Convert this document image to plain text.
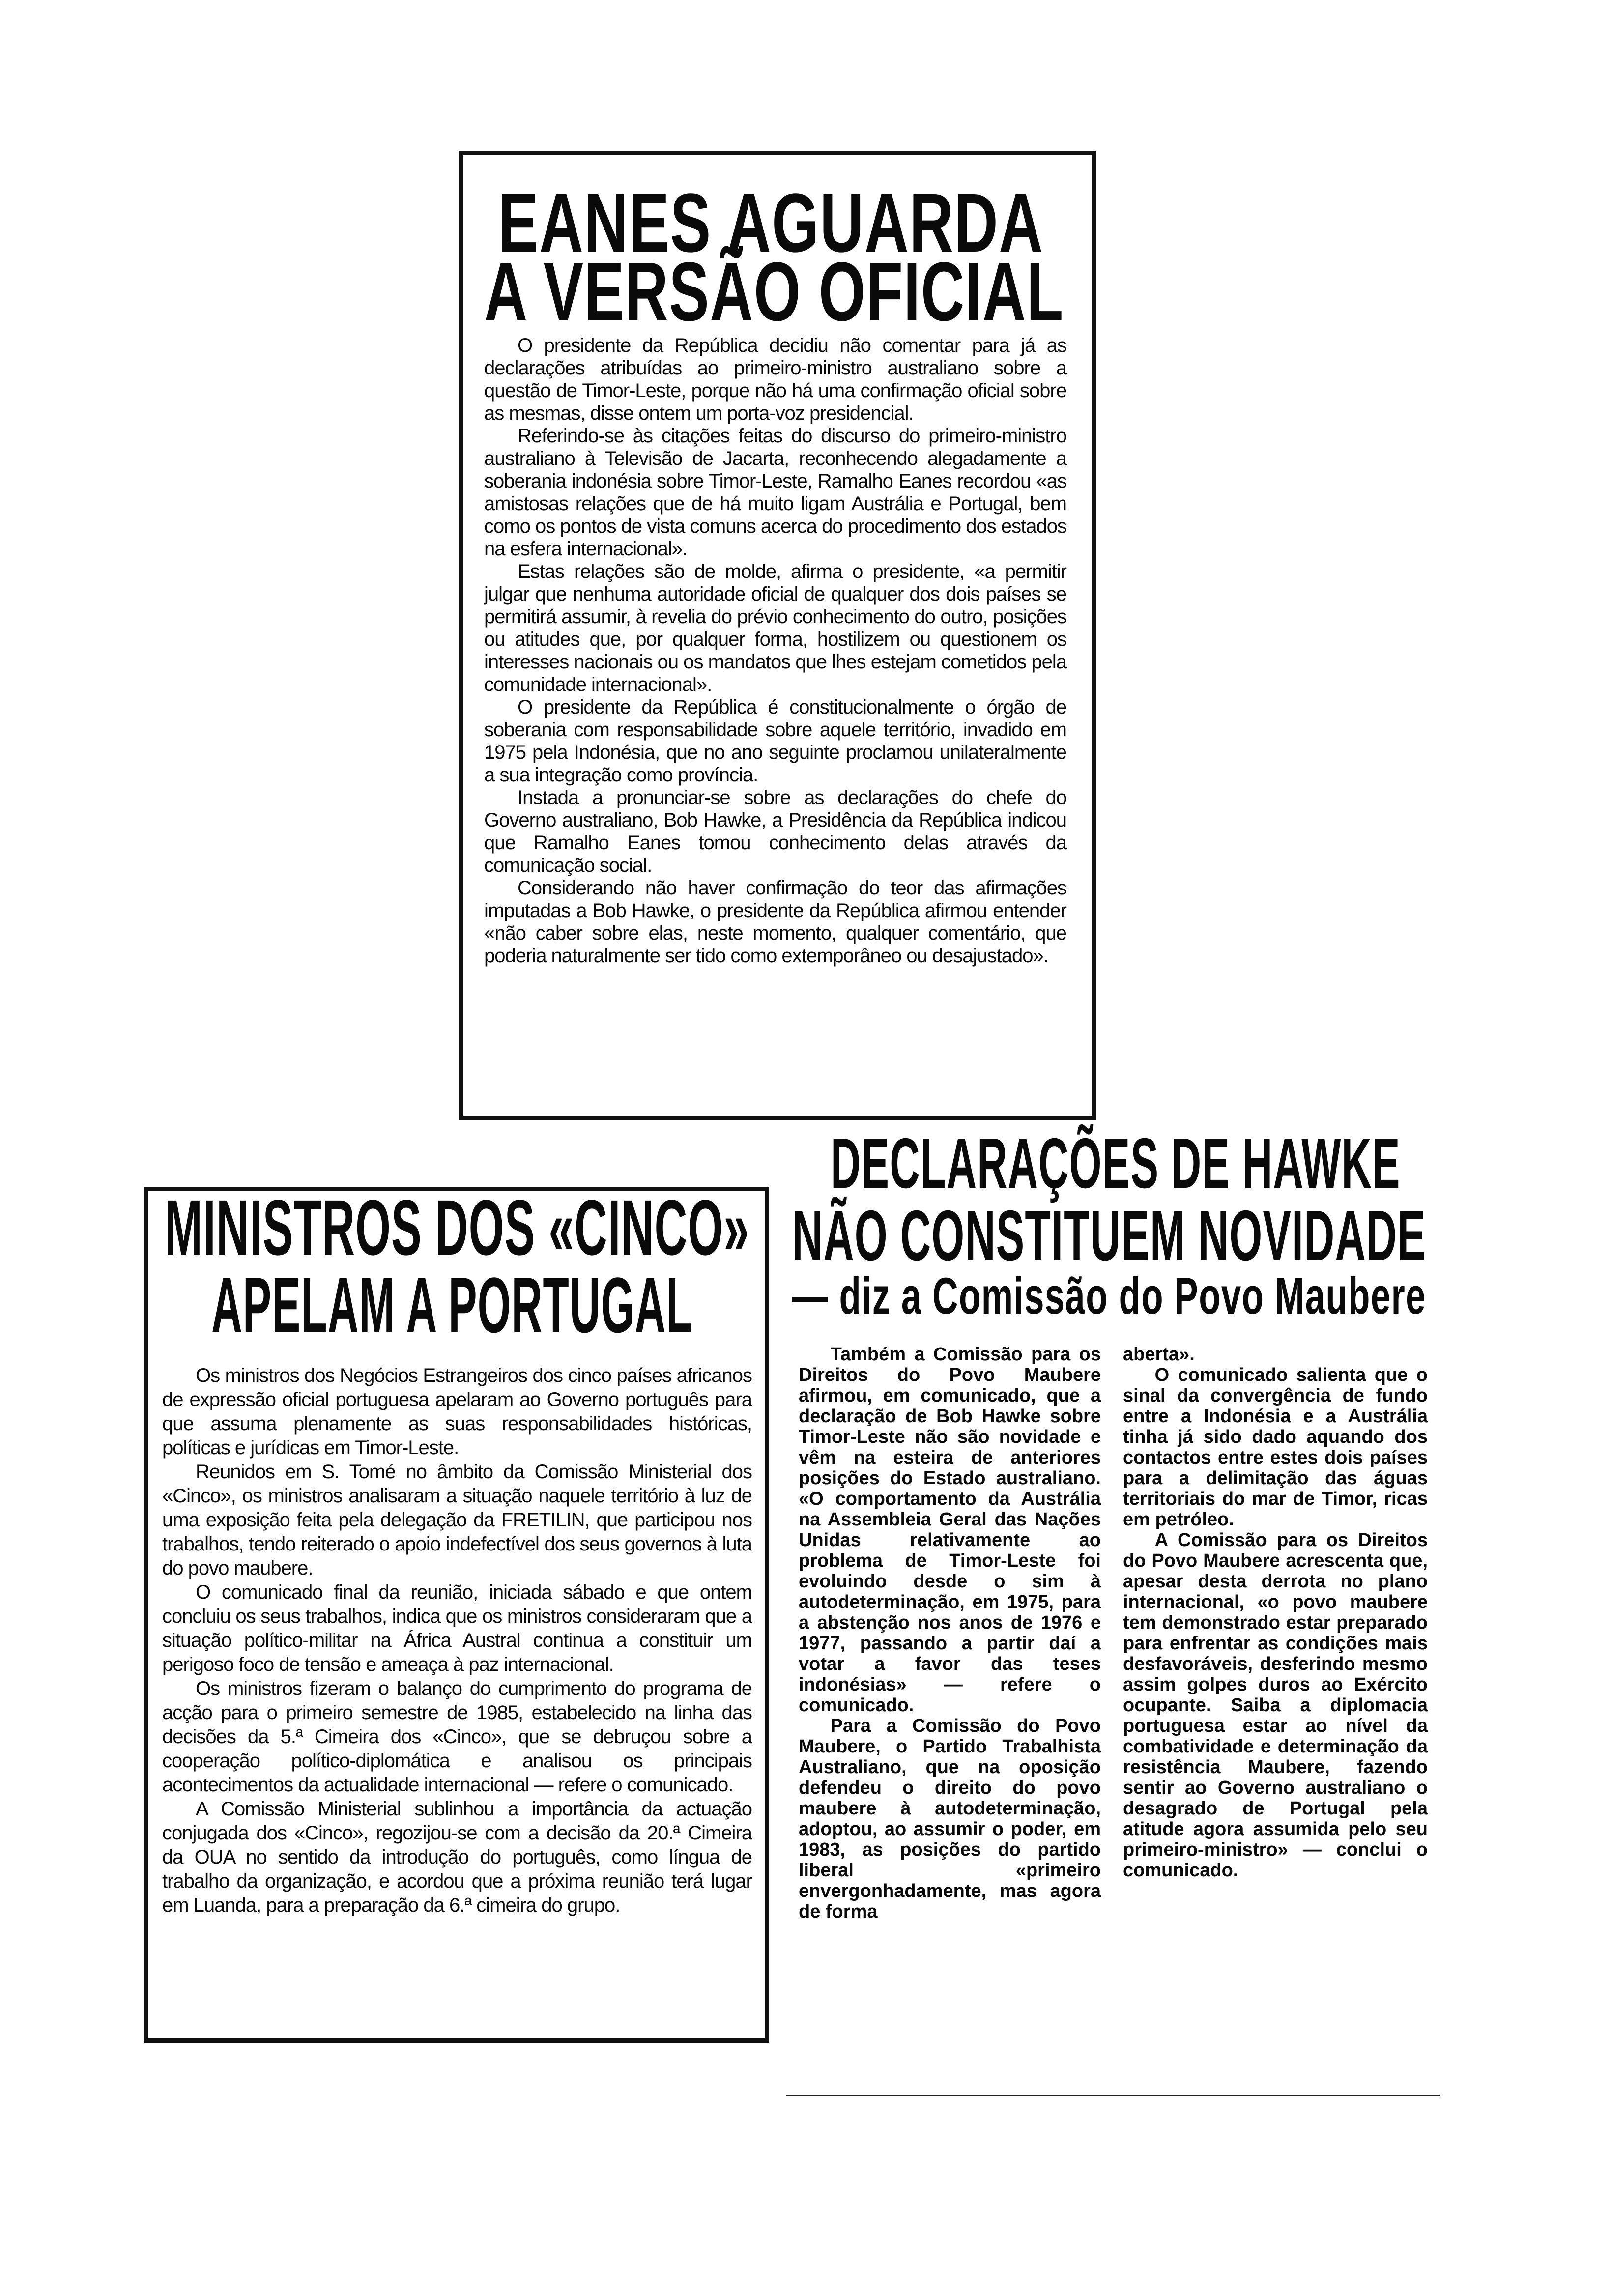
EANES AGUARDA
A VERSÃO OFICIAL

O presidente da República decidiu não comentar para já as declarações atribuídas ao primeiro-ministro australiano sobre a questão de Timor-Leste, porque não há uma confirmação oficial sobre as mesmas, disse ontem um porta-voz presidencial.

Referindo-se às citações feitas do discurso do primeiro-ministro australiano à Televisão de Jacarta, reconhecendo alegadamente a soberania indonésia sobre Timor-Leste, Ramalho Eanes recordou «as amistosas relações que de há muito ligam Austrália e Portugal, bem como os pontos de vista comuns acerca do procedimento dos estados na esfera internacional».

Estas relações são de molde, afirma o presidente, «a permitir julgar que nenhuma autoridade oficial de qualquer dos dois países se permitirá assumir, à revelia do prévio conhecimento do outro, posições ou atitudes que, por qualquer forma, hostilizem ou questionem os interesses nacionais ou os mandatos que lhes estejam cometidos pela comunidade internacional».

O presidente da República é constitucionalmente o órgão de soberania com responsabilidade sobre aquele território, invadido em 1975 pela Indonésia, que no ano seguinte proclamou unilateralmente a sua integração como província.

Instada a pronunciar-se sobre as declarações do chefe do Governo australiano, Bob Hawke, a Presidência da República indicou que Ramalho Eanes tomou conhecimento delas através da comunicação social.

Considerando não haver confirmação do teor das afirmações imputadas a Bob Hawke, o presidente da República afirmou entender «não caber sobre elas, neste momento, qualquer comentário, que poderia naturalmente ser tido como extemporâneo ou desajustado».

MINISTROS DOS «CINCO»
APELAM A PORTUGAL

Os ministros dos Negócios Estrangeiros dos cinco países africanos de expressão oficial portuguesa apelaram ao Governo português para que assuma plenamente as suas responsabilidades históricas, políticas e jurídicas em Timor-Leste.

Reunidos em S. Tomé no âmbito da Comissão Ministerial dos «Cinco», os ministros analisaram a situação naquele território à luz de uma exposição feita pela delegação da FRETILIN, que participou nos trabalhos, tendo reiterado o apoio indefectível dos seus governos à luta do povo maubere.

O comunicado final da reunião, iniciada sábado e que ontem concluiu os seus trabalhos, indica que os ministros consideraram que a situação político-militar na África Austral continua a constituir um perigoso foco de tensão e ameaça à paz internacional.

Os ministros fizeram o balanço do cumprimento do programa de acção para o primeiro semestre de 1985, estabelecido na linha das decisões da 5.ª Cimeira dos «Cinco», que se debruçou sobre a cooperação político-diplomática e analisou os principais acontecimentos da actualidade internacional — refere o comunicado.

A Comissão Ministerial sublinhou a importância da actuação conjugada dos «Cinco», regozijou-se com a decisão da 20.ª Cimeira da OUA no sentido da introdução do português, como língua de trabalho da organização, e acordou que a próxima reunião terá lugar em Luanda, para a preparação da 6.ª cimeira do grupo.

DECLARAÇÕES DE HAWKE
NÃO CONSTITUEM NOVIDADE
— diz a Comissão do Povo Maubere

Também a Comissão para os Direitos do Povo Maubere afirmou, em comunicado, que a declaração de Bob Hawke sobre Timor-Leste não são novidade e vêm na esteira de anteriores posições do Estado australiano. «O comportamento da Austrália na Assembleia Geral das Nações Unidas relativamente ao problema de Timor-Leste foi evoluindo desde o sim à autodeterminação, em 1975, para a abstenção nos anos de 1976 e 1977, passando a partir daí a votar a favor das teses indonésias» — refere o comunicado.

Para a Comissão do Povo Maubere, o Partido Trabalhista Australiano, que na oposição defendeu o direito do povo maubere à autodeterminação, adoptou, ao assumir o poder, em 1983, as posições do partido liberal «primeiro envergonhadamente, mas agora de forma

aberta».

O comunicado salienta que o sinal da convergência de fundo entre a Indonésia e a Austrália tinha já sido dado aquando dos contactos entre estes dois países para a delimitação das águas territoriais do mar de Timor, ricas em petróleo.

A Comissão para os Direitos do Povo Maubere acrescenta que, apesar desta derrota no plano internacional, «o povo maubere tem demonstrado estar preparado para enfrentar as condições mais desfavoráveis, desferindo mesmo assim golpes duros ao Exército ocupante. Saiba a diplomacia portuguesa estar ao nível da combatividade e determinação da resistência Maubere, fazendo sentir ao Governo australiano o desagrado de Portugal pela atitude agora assumida pelo seu primeiro-ministro» — conclui o comunicado.
